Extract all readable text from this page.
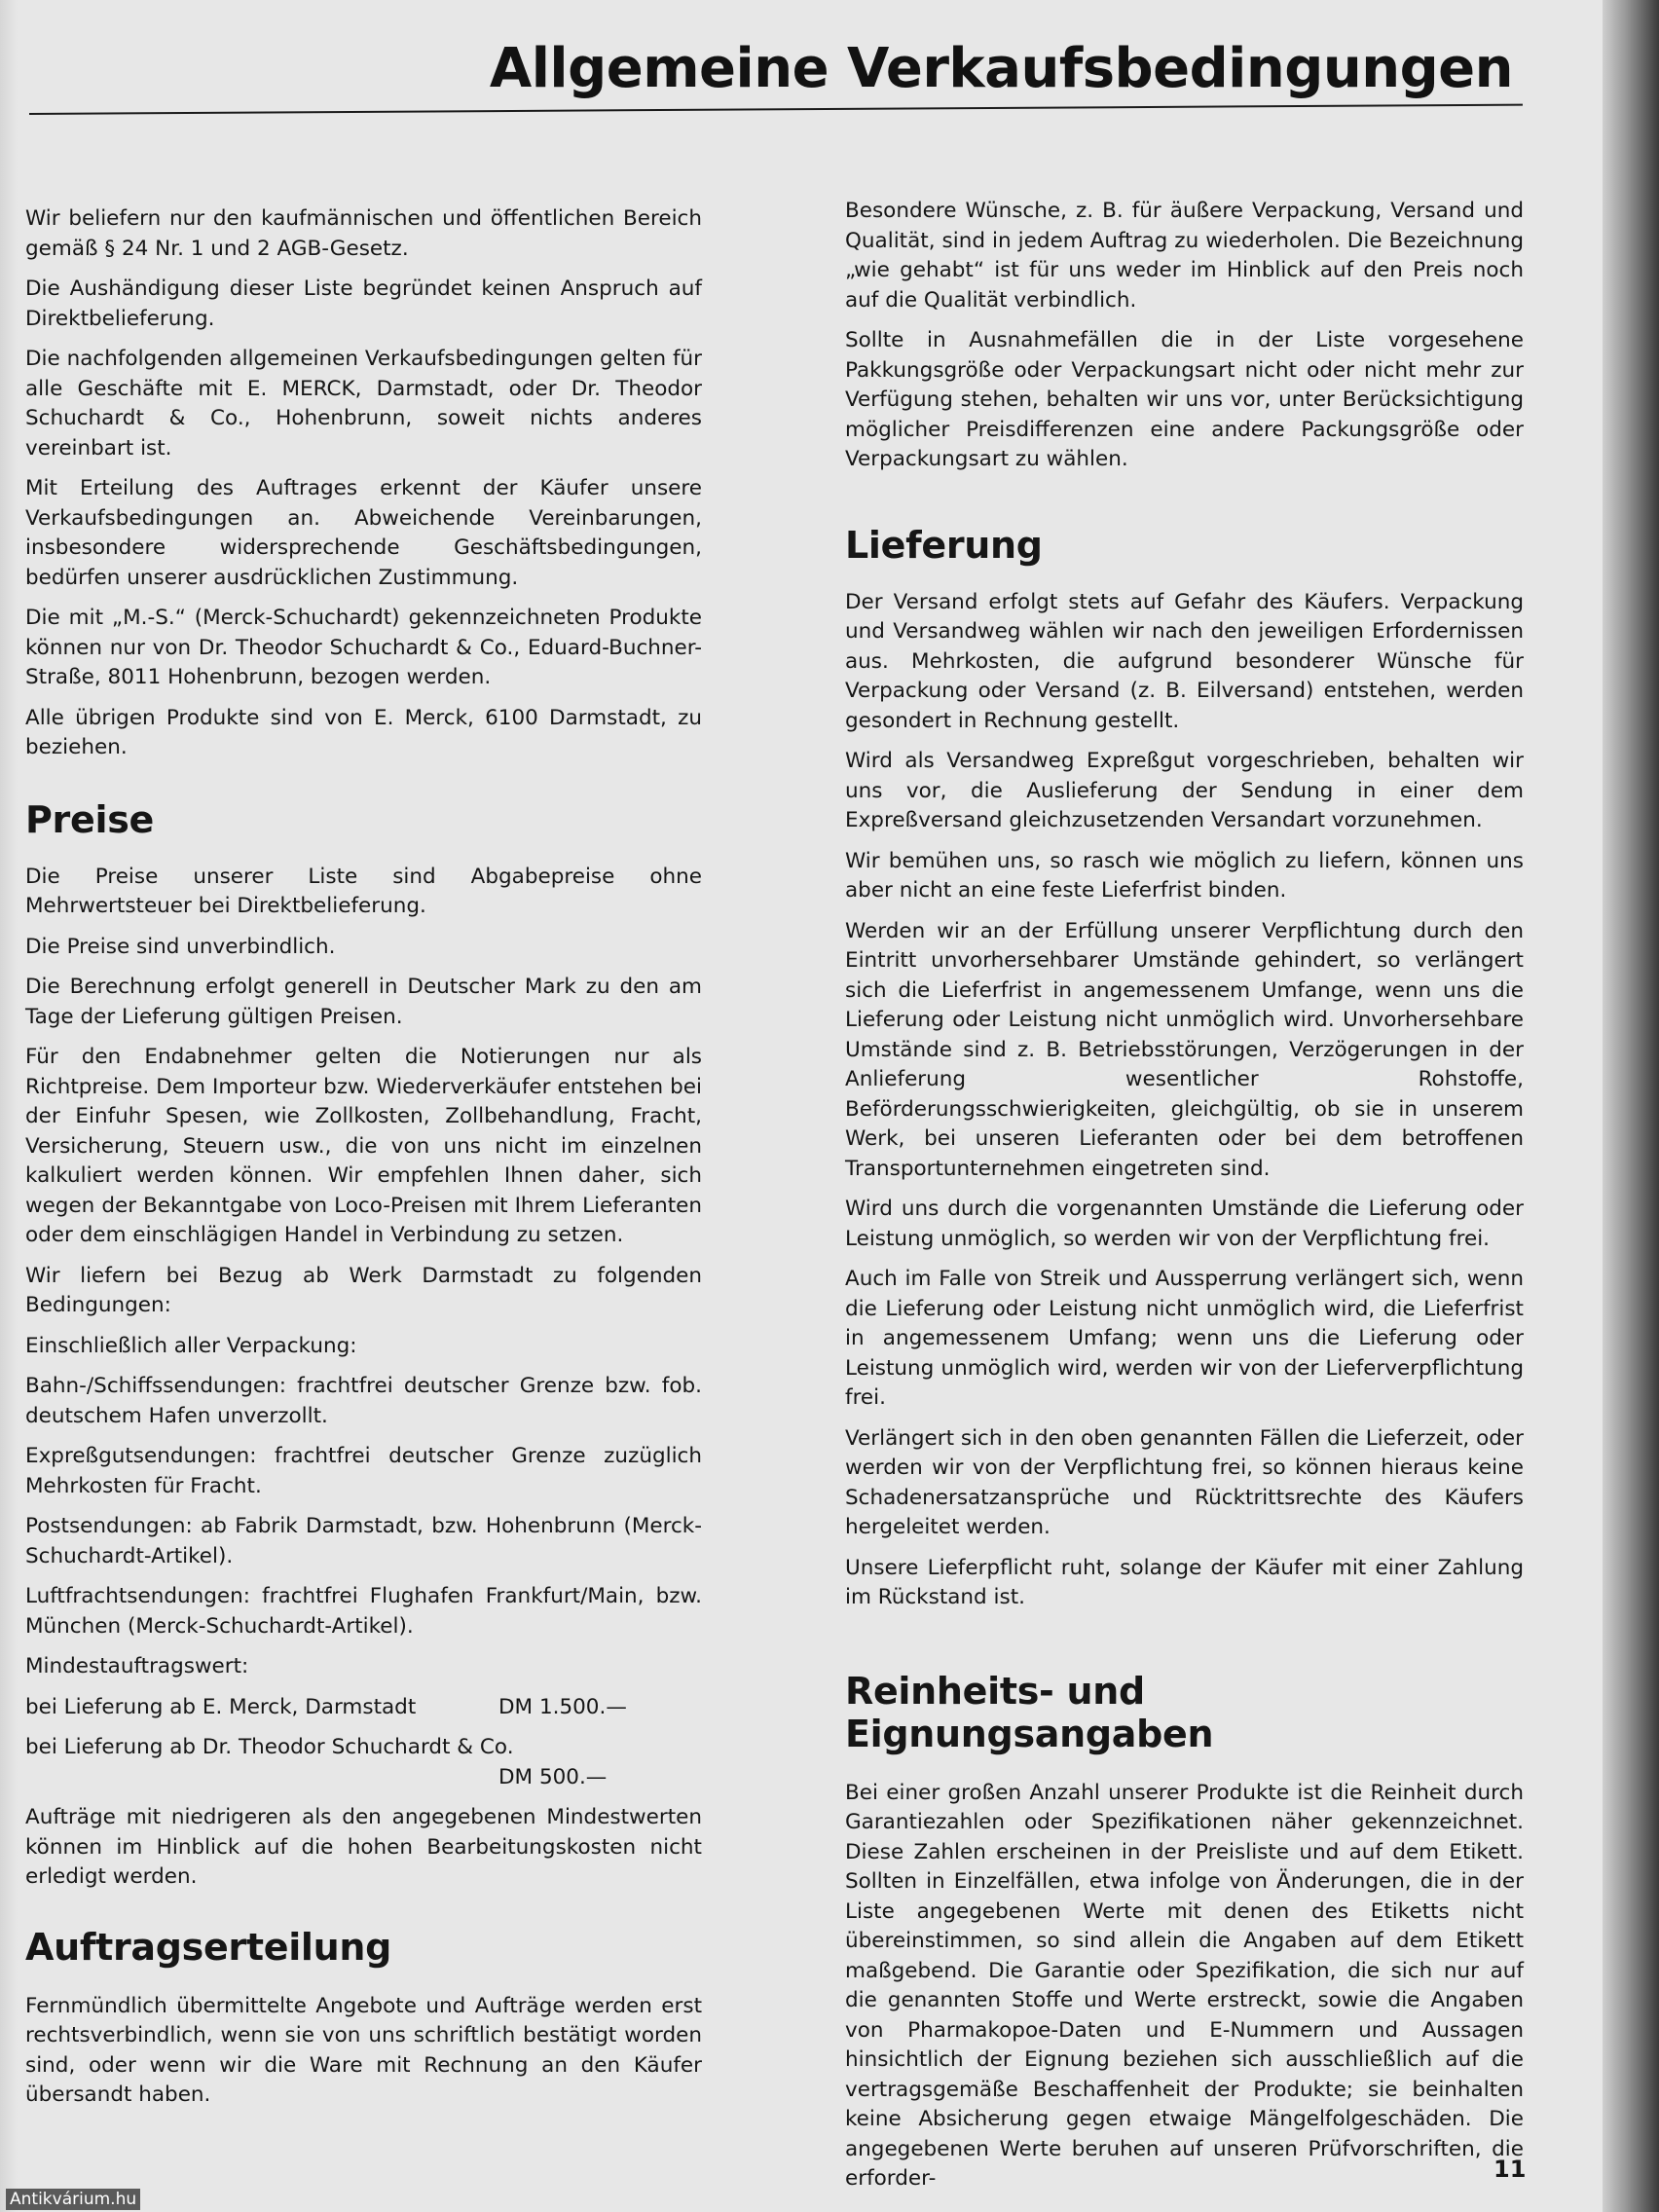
Allgemeine Verkaufsbedingungen

Wir beliefern nur den kaufmännischen und öffentlichen Bereich gemäß § 24 Nr. 1 und 2 AGB-Gesetz.

Die Aushändigung dieser Liste begründet keinen Anspruch auf Direktbelieferung.

Die nachfolgenden allgemeinen Verkaufsbedingungen gelten für alle Geschäfte mit E. MERCK, Darmstadt, oder Dr. Theodor Schuchardt & Co., Hohenbrunn, soweit nichts anderes vereinbart ist.

Mit Erteilung des Auftrages erkennt der Käufer unsere Verkaufsbedingungen an. Abweichende Vereinbarungen, insbesondere widersprechende Geschäftsbedingungen, bedürfen unserer ausdrücklichen Zustimmung.

Die mit „M.-S.“ (Merck-Schuchardt) gekennzeichneten Produkte können nur von Dr. Theodor Schuchardt & Co., Eduard-Buchner-Straße, 8011 Hohenbrunn, bezogen werden.

Alle übrigen Produkte sind von E. Merck, 6100 Darmstadt, zu beziehen.

Preise

Die Preise unserer Liste sind Abgabepreise ohne Mehrwertsteuer bei Direktbelieferung.

Die Preise sind unverbindlich.

Die Berechnung erfolgt generell in Deutscher Mark zu den am Tage der Lieferung gültigen Preisen.

Für den Endabnehmer gelten die Notierungen nur als Richtpreise. Dem Importeur bzw. Wiederverkäufer entstehen bei der Einfuhr Spesen, wie Zollkosten, Zollbehandlung, Fracht, Versicherung, Steuern usw., die von uns nicht im einzelnen kalkuliert werden können. Wir empfehlen Ihnen daher, sich wegen der Bekanntgabe von Loco-Preisen mit Ihrem Lieferanten oder dem einschlägigen Handel in Verbindung zu setzen.

Wir liefern bei Bezug ab Werk Darmstadt zu folgenden Bedingungen:

Einschließlich aller Verpackung:

Bahn-/Schiffssendungen: frachtfrei deutscher Grenze bzw. fob. deutschem Hafen unverzollt.

Expreßgutsendungen: frachtfrei deutscher Grenze zuzüglich Mehrkosten für Fracht.

Postsendungen: ab Fabrik Darmstadt, bzw. Hohenbrunn (Merck-Schuchardt-Artikel).

Luftfrachtsendungen: frachtfrei Flughafen Frankfurt/Main, bzw. München (Merck-Schuchardt-Artikel).

Mindestauftragswert:

bei Lieferung ab E. Merck, Darmstadt	DM 1.500.—
bei Lieferung ab Dr. Theodor Schuchardt & Co.
DM 500.—

Aufträge mit niedrigeren als den angegebenen Mindestwerten können im Hinblick auf die hohen Bearbeitungskosten nicht erledigt werden.

Auftragserteilung

Fernmündlich übermittelte Angebote und Aufträge werden erst rechtsverbindlich, wenn sie von uns schriftlich bestätigt worden sind, oder wenn wir die Ware mit Rechnung an den Käufer übersandt haben.

Besondere Wünsche, z. B. für äußere Verpackung, Versand und Qualität, sind in jedem Auftrag zu wiederholen. Die Bezeichnung „wie gehabt“ ist für uns weder im Hinblick auf den Preis noch auf die Qualität verbindlich.

Sollte in Ausnahmefällen die in der Liste vorgesehene Pakkungsgröße oder Verpackungsart nicht oder nicht mehr zur Verfügung stehen, behalten wir uns vor, unter Berücksichtigung möglicher Preisdifferenzen eine andere Packungsgröße oder Verpackungsart zu wählen.

Lieferung

Der Versand erfolgt stets auf Gefahr des Käufers. Verpackung und Versandweg wählen wir nach den jeweiligen Erfordernissen aus. Mehrkosten, die aufgrund besonderer Wünsche für Verpackung oder Versand (z. B. Eilversand) entstehen, werden gesondert in Rechnung gestellt.

Wird als Versandweg Expreßgut vorgeschrieben, behalten wir uns vor, die Auslieferung der Sendung in einer dem Expreßversand gleichzusetzenden Versandart vorzunehmen.

Wir bemühen uns, so rasch wie möglich zu liefern, können uns aber nicht an eine feste Lieferfrist binden.

Werden wir an der Erfüllung unserer Verpflichtung durch den Eintritt unvorhersehbarer Umstände gehindert, so verlängert sich die Lieferfrist in angemessenem Umfange, wenn uns die Lieferung oder Leistung nicht unmöglich wird. Unvorhersehbare Umstände sind z. B. Betriebsstörungen, Verzögerungen in der Anlieferung wesentlicher Rohstoffe, Beförderungsschwierigkeiten, gleichgültig, ob sie in unserem Werk, bei unseren Lieferanten oder bei dem betroffenen Transportunternehmen eingetreten sind.

Wird uns durch die vorgenannten Umstände die Lieferung oder Leistung unmöglich, so werden wir von der Verpflichtung frei.

Auch im Falle von Streik und Aussperrung verlängert sich, wenn die Lieferung oder Leistung nicht unmöglich wird, die Lieferfrist in angemessenem Umfang; wenn uns die Lieferung oder Leistung unmöglich wird, werden wir von der Lieferverpflichtung frei.

Verlängert sich in den oben genannten Fällen die Lieferzeit, oder werden wir von der Verpflichtung frei, so können hieraus keine Schadenersatzansprüche und Rücktrittsrechte des Käufers hergeleitet werden.

Unsere Lieferpflicht ruht, solange der Käufer mit einer Zahlung im Rückstand ist.

Reinheits- und Eignungsangaben

Bei einer großen Anzahl unserer Produkte ist die Reinheit durch Garantiezahlen oder Spezifikationen näher gekennzeichnet. Diese Zahlen erscheinen in der Preisliste und auf dem Etikett. Sollten in Einzelfällen, etwa infolge von Änderungen, die in der Liste angegebenen Werte mit denen des Etiketts nicht übereinstimmen, so sind allein die Angaben auf dem Etikett maßgebend. Die Garantie oder Spezifikation, die sich nur auf die genannten Stoffe und Werte erstreckt, sowie die Angaben von Pharmakopoe-Daten und E-Nummern und Aussagen hinsichtlich der Eignung beziehen sich ausschließlich auf die vertragsgemäße Beschaffenheit der Produkte; sie beinhalten keine Absicherung gegen etwaige Mängelfolgeschäden. Die angegebenen Werte beruhen auf unseren Prüfvorschriften, die erforder-	11
Antikvárium.hu
